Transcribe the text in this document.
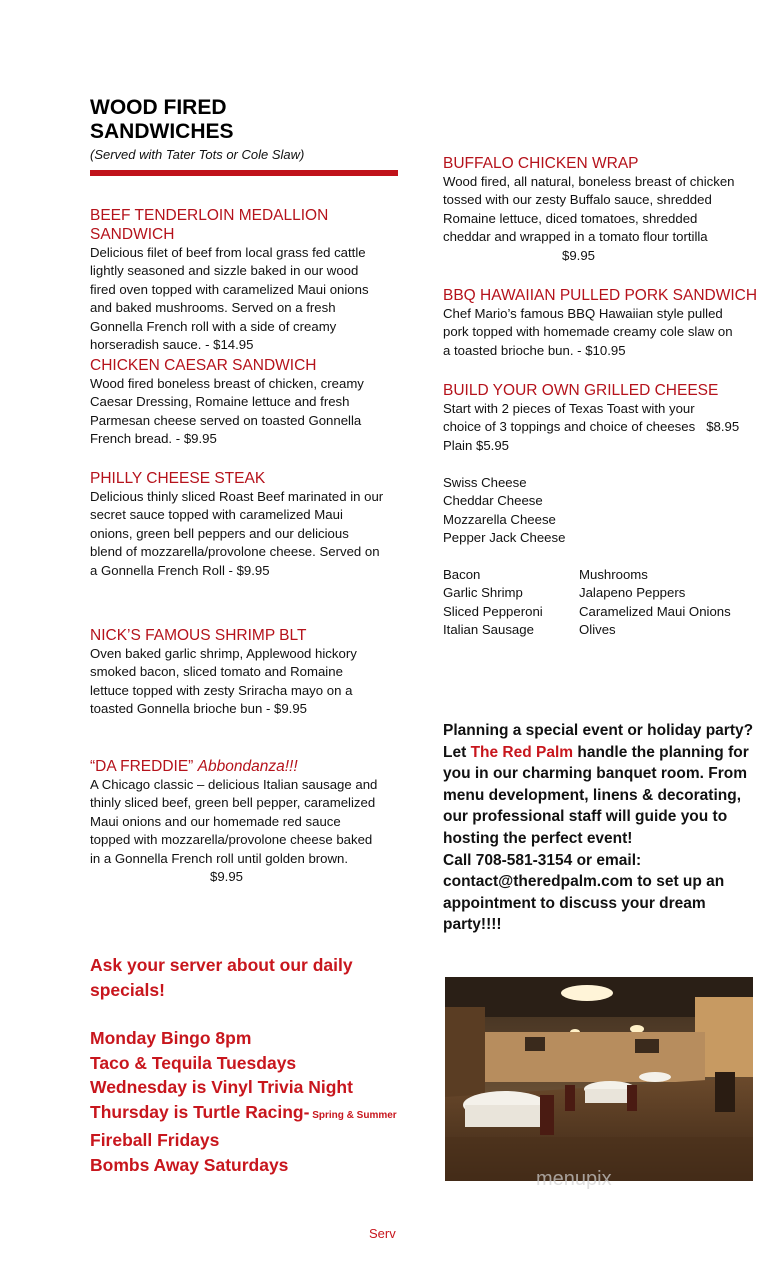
WOOD FIRED
SANDWICHES
(Served with Tater Tots or Cole Slaw)
BEEF TENDERLOIN MEDALLION SANDWICH
Delicious filet of beef from local grass fed cattle
lightly seasoned and sizzle baked in our wood
fired oven topped with caramelized Maui onions
and baked mushrooms. Served on a fresh
Gonnella French roll with a side of creamy
horseradish sauce. - $14.95
CHICKEN CAESAR SANDWICH
Wood fired boneless breast of chicken, creamy
Caesar Dressing, Romaine lettuce and fresh
Parmesan cheese served on toasted Gonnella
French bread. - $9.95
PHILLY CHEESE STEAK
Delicious thinly sliced Roast Beef marinated in our
secret sauce topped with caramelized Maui
onions, green bell peppers and our delicious
blend of mozzarella/provolone cheese. Served on
a Gonnella French Roll - $9.95
NICK’S FAMOUS SHRIMP BLT
Oven baked garlic shrimp, Applewood hickory
smoked bacon, sliced tomato and Romaine
lettuce topped with zesty Sriracha mayo on a
toasted Gonnella brioche bun - $9.95
“DA FREDDIE” Abbondanza!!!
A Chicago classic – delicious Italian sausage and
thinly sliced beef, green bell pepper, caramelized
Maui onions and our homemade red sauce
topped with mozzarella/provolone cheese baked
in a Gonnella French roll until golden brown.
$9.95
BUFFALO CHICKEN WRAP
Wood fired, all natural, boneless breast of chicken
tossed with our zesty Buffalo sauce, shredded
Romaine lettuce, diced tomatoes, shredded
cheddar and wrapped in a tomato flour tortilla
$9.95
BBQ HAWAIIAN PULLED PORK SANDWICH
Chef Mario’s famous BBQ Hawaiian style pulled
pork topped with homemade creamy cole slaw on
a toasted brioche bun. - $10.95
BUILD YOUR OWN GRILLED CHEESE
Start with 2 pieces of Texas Toast with your
choice of 3 toppings and choice of cheeses   $8.95
Plain $5.95
Swiss Cheese
Cheddar Cheese
Mozzarella Cheese
Pepper Jack Cheese
Bacon
Garlic Shrimp
Sliced Pepperoni
Italian Sausage
Mushrooms
Jalapeno Peppers
Caramelized Maui Onions
Olives
Planning a special event or holiday party?
Let The Red Palm handle the planning for
you in our charming banquet room. From
menu development, linens & decorating,
our professional staff will guide you to
hosting the perfect event!
Call 708-581-3154 or email:
contact@theredpalm.com to set up an
appointment to discuss your dream
party!!!!
Ask your server about our daily
specials!
Monday Bingo 8pm
Taco & Tequila Tuesdays
Wednesday is Vinyl Trivia Night
Thursday is Turtle Racing- Spring & Summer
Fireball Fridays
Bombs Away Saturdays
menupix
Serv
